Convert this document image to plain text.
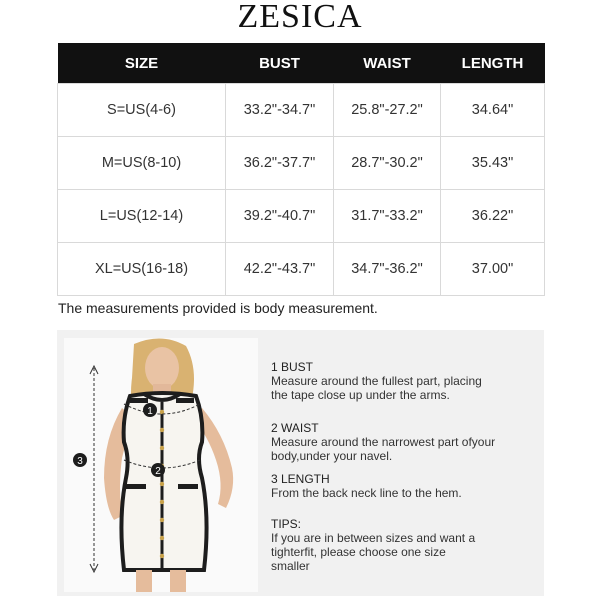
ZESICA
SIZE	BUST	WAIST	LENGTH
S=US(4-6)	33.2"-34.7"	25.8"-27.2"	34.64"
M=US(8-10)	36.2"-37.7"	28.7"-30.2"	35.43"
L=US(12-14)	39.2"-40.7"	31.7"-33.2"	36.22"
XL=US(16-18)	42.2"-43.7"	34.7"-36.2"	37.00"
The measurements provided is body measurement.
1
2
3
1 BUST
Measure around the fullest part, placing
the tape close up under the arms.
2 WAIST
Measure around the narrowest part ofyour
body,under your navel.
3 LENGTH
From the back neck line to the hem.
TIPS:
If you are in between sizes and want a
tighterfit, please choose one size
smaller
